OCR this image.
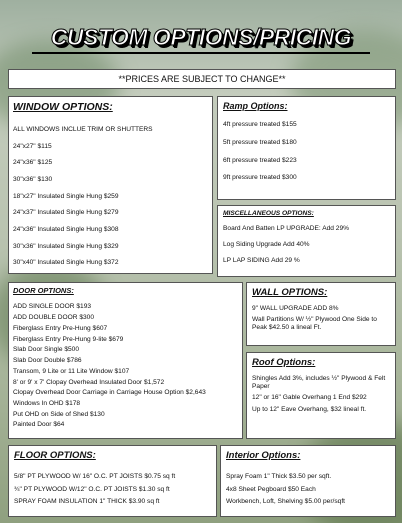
CUSTOM OPTIONS/PRICING
**PRICES ARE SUBJECT TO CHANGE**
WINDOW OPTIONS:
ALL WINDOWS INCLUE TRIM OR SHUTTERS
24"x27" $115
24"x36" $125
30"x36" $130
18"x27" Insulated Single Hung $259
24"x37" Insulated Single Hung $279
24"x36" Insulated Single Hung $308
30"x36" Insulated Single Hung $329
30"x40" Insulated Single Hung $372
Ramp Options:
4ft pressure treated $155
5ft pressure treated $180
6ft pressure treated $223
9ft pressure treated $300
MISCELLANEOUS OPTIONS:
Board And Batten LP UPGRADE: Add 29%
Log Siding Upgrade Add 40%
LP LAP SIDING Add 29 %
DOOR OPTIONS:
ADD SINGLE DOOR $193
ADD DOUBLE DOOR $300
Fiberglass Entry Pre-Hung $607
Fiberglass Entry Pre-Hung 9-lite $679
Slab Door Single $500
Slab Door Double $786
Transom, 9 Lite or 11 Lite Window $107
8' or 9' x 7' Clopay Overhead Insulated Door $1,572
Clopay Overhead Door Carriage in Carriage House Option $2,643
Windows In OHD $178
Put OHD on Side of Shed $130
Painted Door $64
WALL OPTIONS:
9" WALL UPGRADE ADD 8%
Wall Partitions W/ ½" Plywood One Side to Peak $42.50 a lineal Ft.
Roof Options:
Shingles Add 3%, includes ½" Plywood & Felt Paper
12" or 16" Gable Overhang 1 End $292
Up to 12" Eave Overhang, $32 lineal ft.
FLOOR OPTIONS:
5/8" PT PLYWOOD W/ 16" O.C. PT JOISTS $0.75 sq ft
¾" PT PLYWOOD W/12" O.C. PT JOISTS $1.30 sq ft
SPRAY FOAM INSULATION 1" THICK $3.90 sq ft
Interior Options:
Spray Foam 1" Thick $3.50 per sqft.
4x8 Sheet Pegboard $50 Each
Workbench, Loft, Shelving $5.00 per/sqft
